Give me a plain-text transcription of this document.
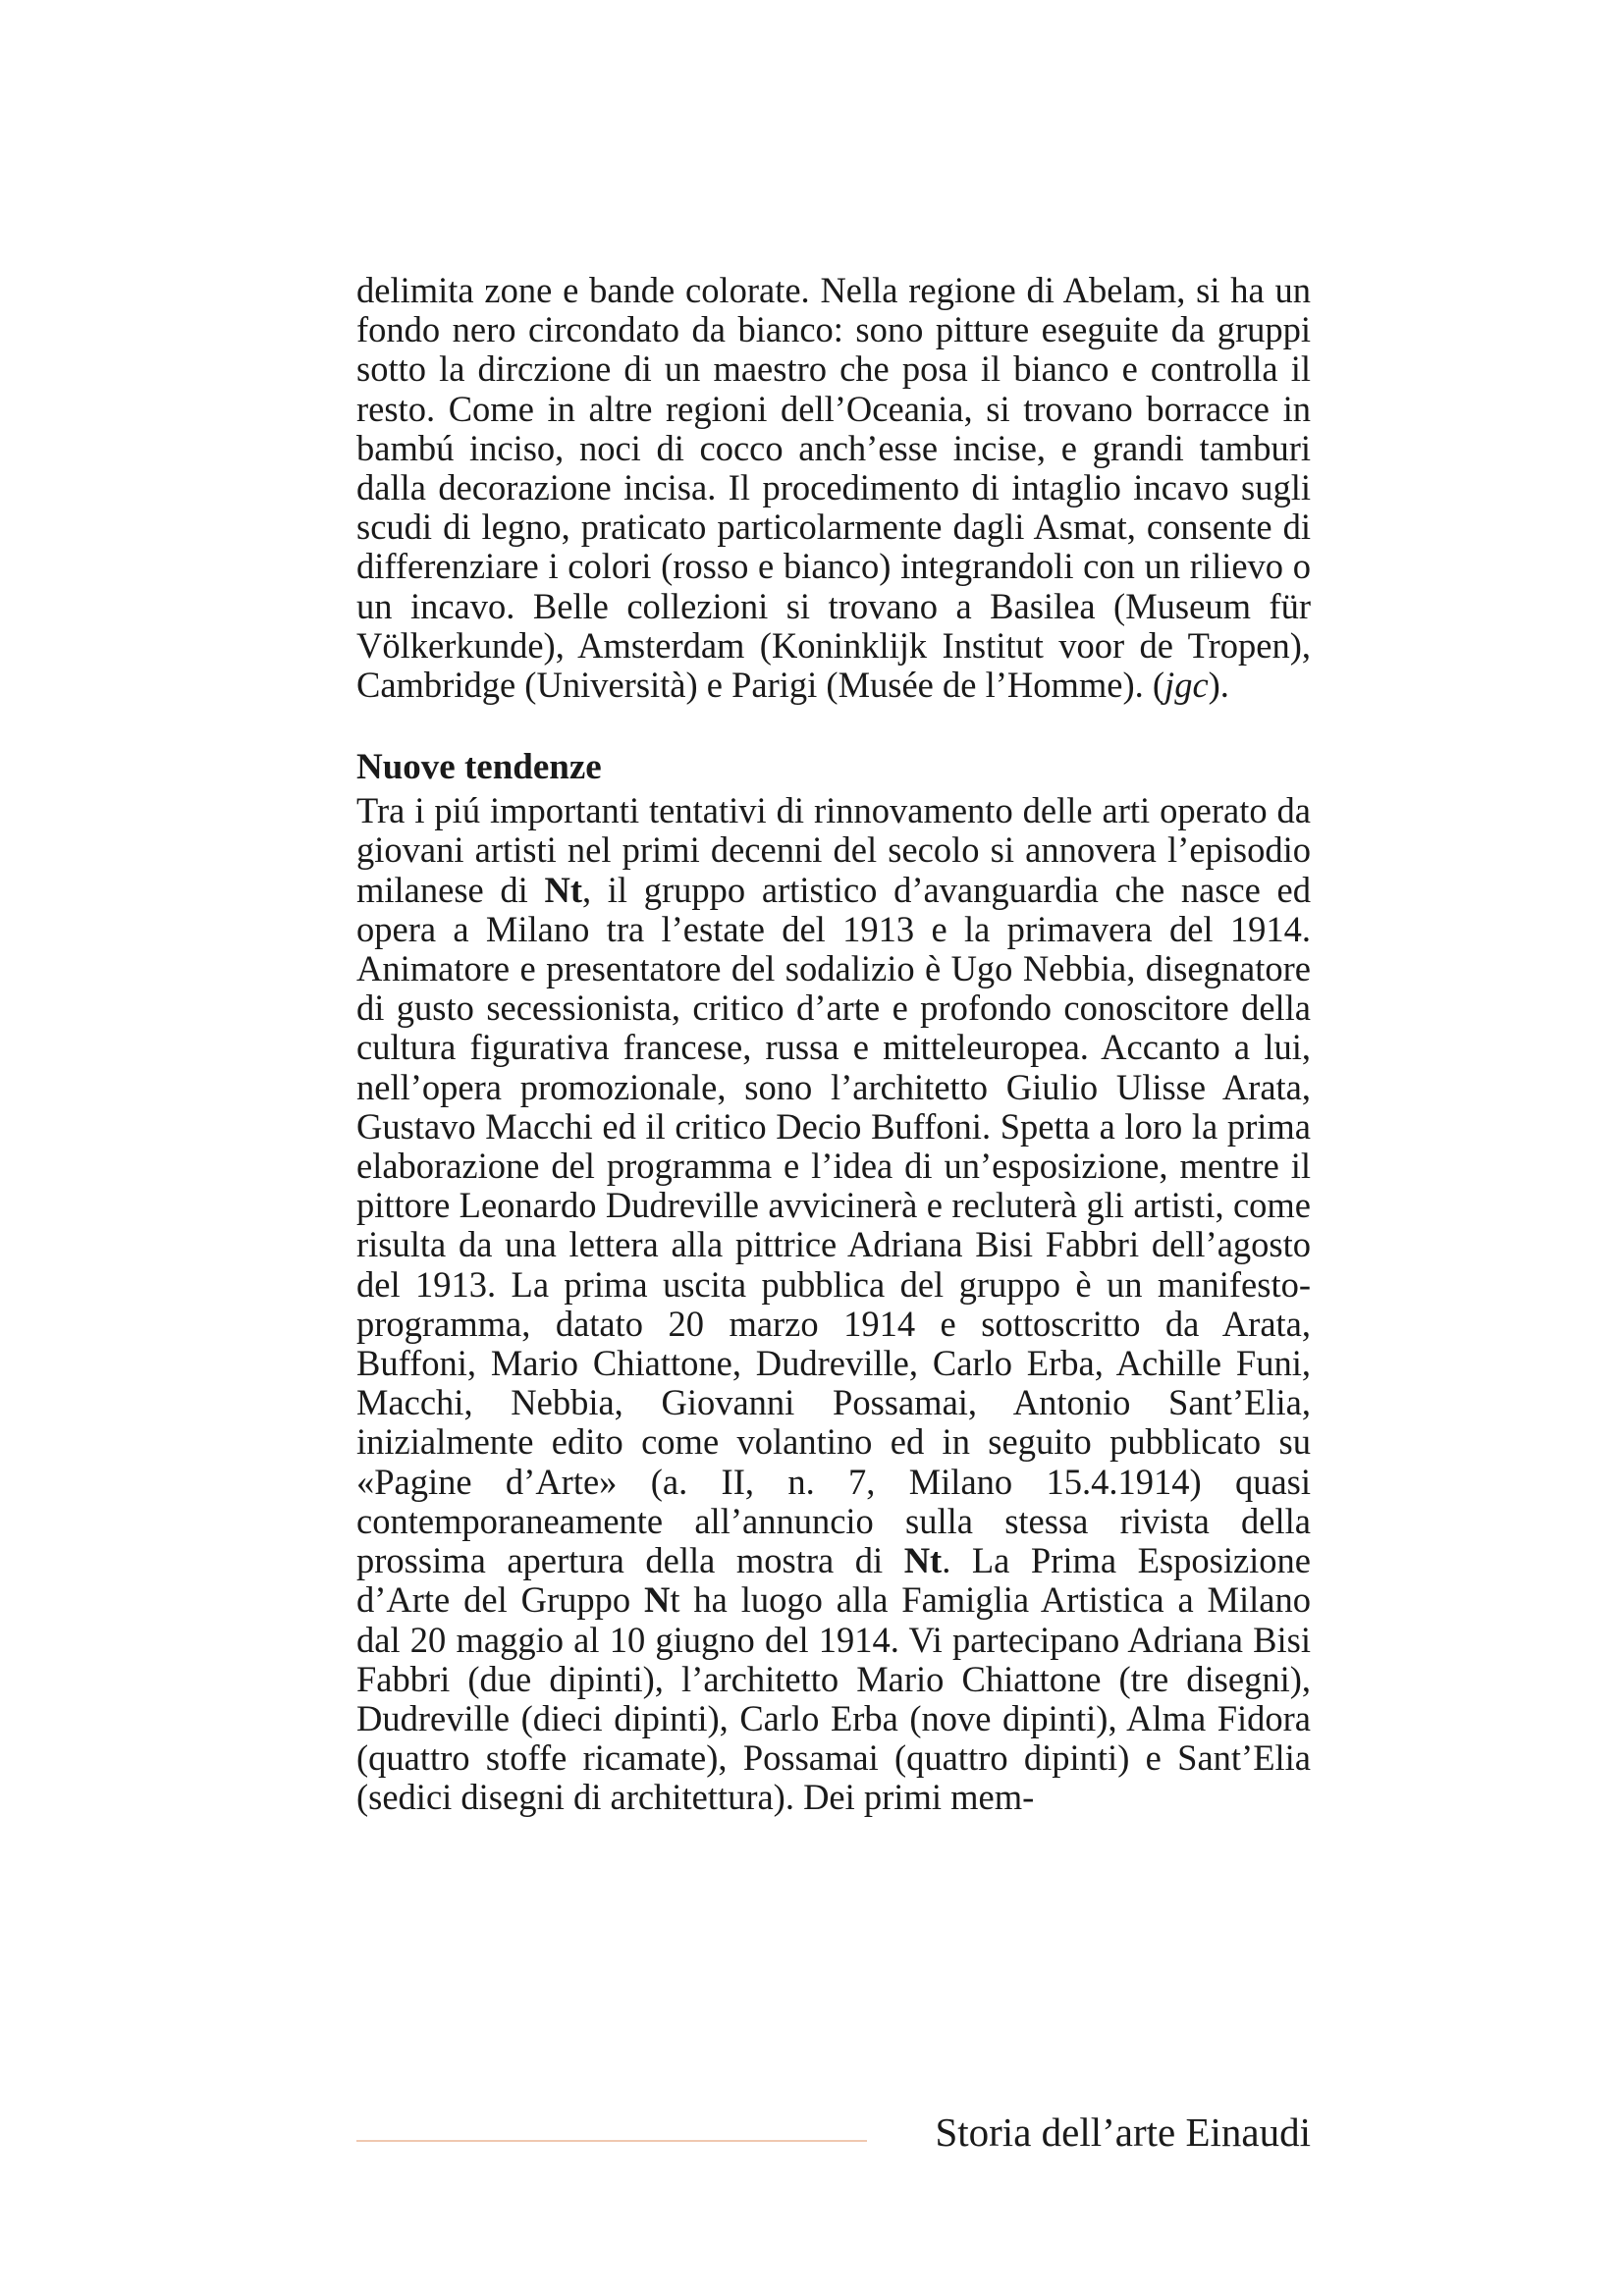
delimita zone e bande colorate. Nella regione di Abelam, si ha un fondo nero circondato da bianco: sono pitture eseguite da gruppi sotto la dirczione di un maestro che posa il bianco e controlla il resto. Come in altre regioni dell’Oceania, si trovano borracce in bambú inciso, noci di cocco anch’esse incise, e grandi tamburi dalla decorazione incisa. Il procedimento di intaglio incavo sugli scudi di legno, praticato particolarmente dagli Asmat, consente di differenziare i colori (rosso e bianco) integrandoli con un rilievo o un incavo. Belle collezioni si trovano a Basilea (Museum für Völkerkunde), Amsterdam (Koninklijk Institut voor de Tropen), Cambridge (Università) e Parigi (Musée de l’Homme). (jgc).

Nuove tendenze

Tra i piú importanti tentativi di rinnovamento delle arti operato da giovani artisti nel primi decenni del secolo si annovera l’episodio milanese di Nt, il gruppo artistico d’avanguardia che nasce ed opera a Milano tra l’estate del 1913 e la primavera del 1914. Animatore e presentatore del sodalizio è Ugo Nebbia, disegnatore di gusto secessionista, critico d’arte e profondo conoscitore della cultura figurativa francese, russa e mitteleuropea. Accanto a lui, nell’opera promozionale, sono l’architetto Giulio Ulisse Arata, Gustavo Macchi ed il critico Decio Buffoni. Spetta a loro la prima elaborazione del programma e l’idea di un’esposizione, mentre il pittore Leonardo Dudreville avvicinerà e recluterà gli artisti, come risulta da una lettera alla pittrice Adriana Bisi Fabbri dell’agosto del 1913. La prima uscita pubblica del gruppo è un manifesto-programma, datato 20 marzo 1914 e sottoscritto da Arata, Buffoni, Mario Chiattone, Dudreville, Carlo Erba, Achille Funi, Macchi, Nebbia, Giovanni Possamai, Antonio Sant’Elia, inizialmente edito come volantino ed in seguito pubblicato su «Pagine d’Arte» (a. II, n. 7, Milano 15.4.1914) quasi contemporaneamente all’annuncio sulla stessa rivista della prossima apertura della mostra di Nt. La Prima Esposizione d’Arte del Gruppo Nt ha luogo alla Famiglia Artistica a Milano dal 20 maggio al 10 giugno del 1914. Vi partecipano Adriana Bisi Fabbri (due dipinti), l’architetto Mario Chiattone (tre disegni), Dudreville (dieci dipinti), Carlo Erba (nove dipinti), Alma Fidora (quattro stoffe ricamate), Possamai (quattro dipinti) e Sant’Elia (sedici disegni di architettura). Dei primi mem-

Storia dell’arte Einaudi
